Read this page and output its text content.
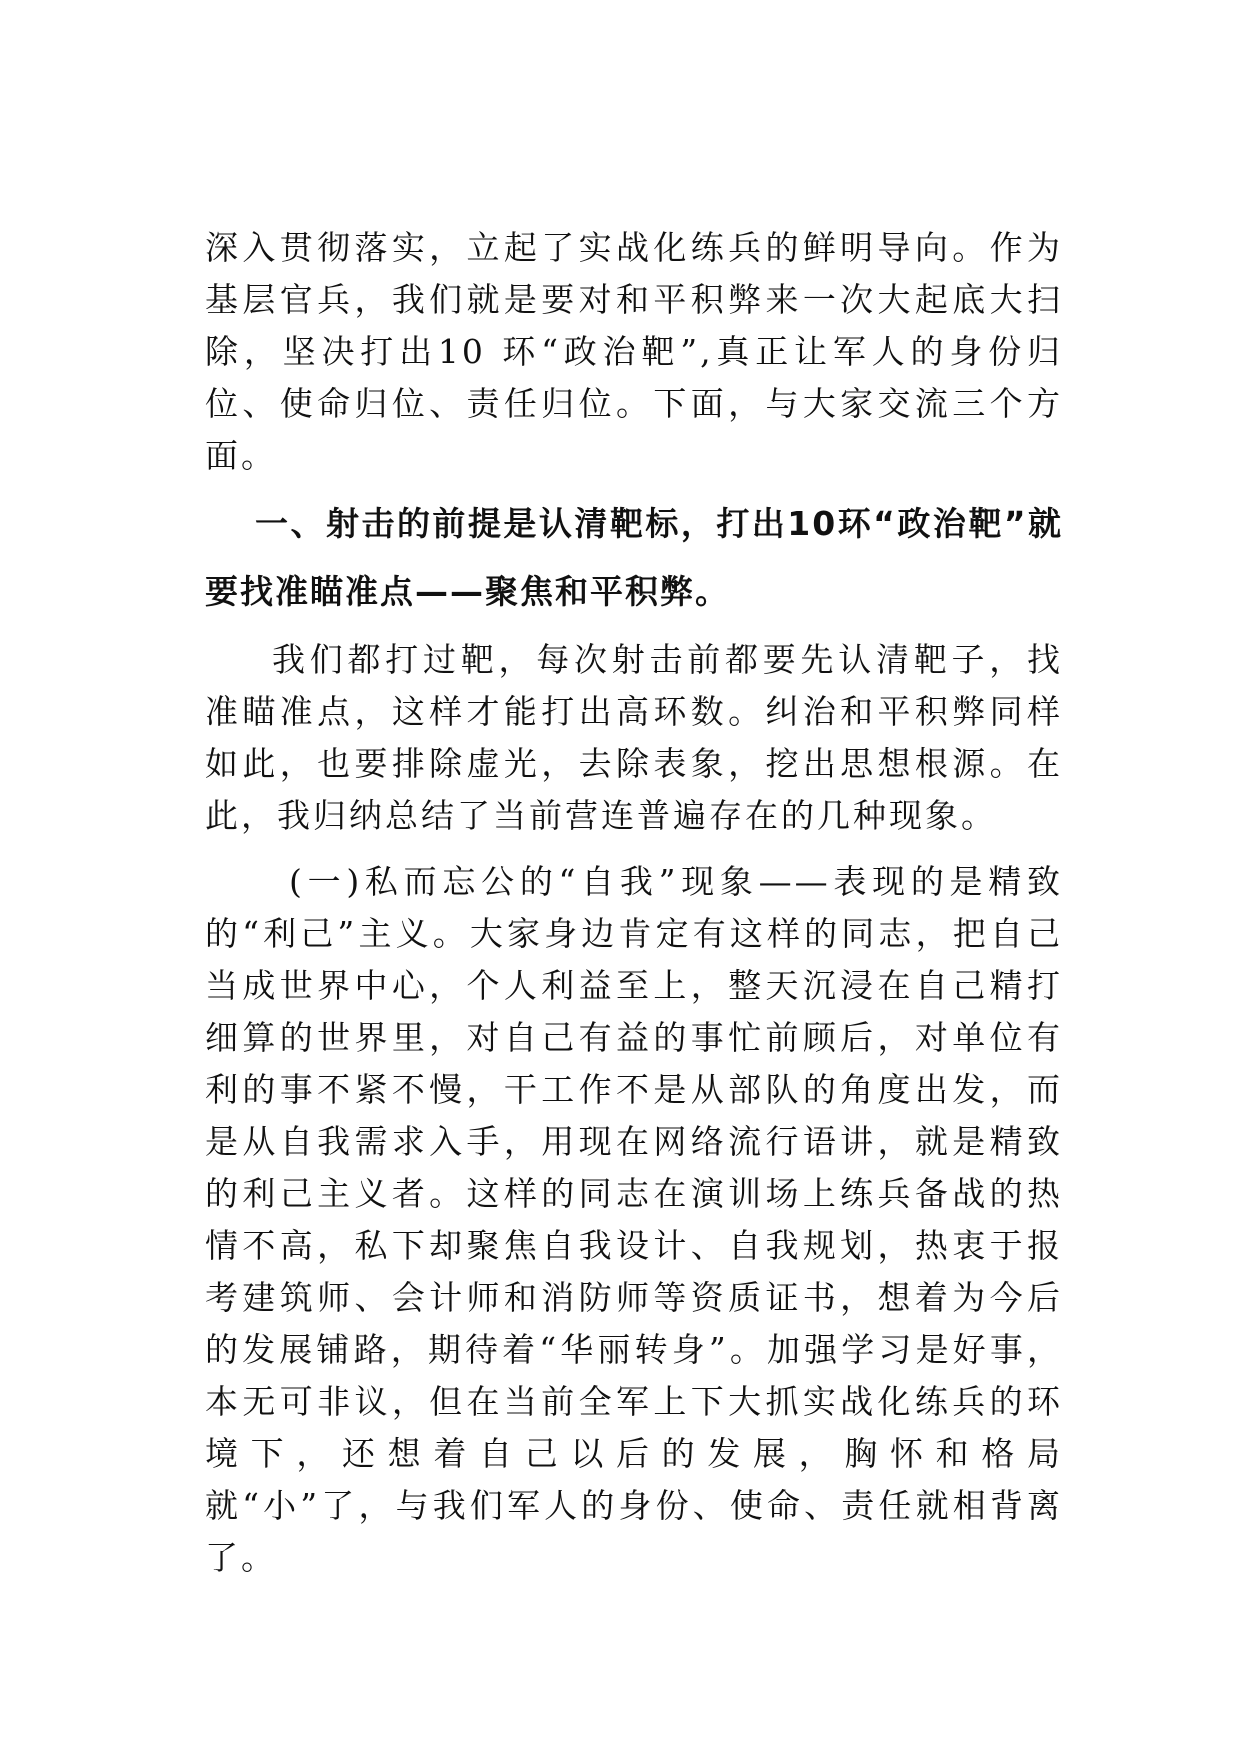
深入贯彻落实，立起了实战化练兵的鲜明导向。作为基层官兵，我们就是要对和平积弊来一次大起底大扫除，坚决打出10 环“政治靶”,真正让军人的身份归位、使命归位、责任归位。下面，与大家交流三个方面。

一、射击的前提是认清靶标，打出10环“政治靶”就要找准瞄准点——聚焦和平积弊。

我们都打过靶，每次射击前都要先认清靶子，找准瞄准点，这样才能打出高环数。纠治和平积弊同样如此，也要排除虚光，去除表象，挖出思想根源。在此，我归纳总结了当前营连普遍存在的几种现象。

(一)私而忘公的“自我”现象——表现的是精致的“利己”主义。大家身边肯定有这样的同志，把自己当成世界中心，个人利益至上，整天沉浸在自己精打细算的世界里，对自己有益的事忙前顾后，对单位有利的事不紧不慢，干工作不是从部队的角度出发，而是从自我需求入手，用现在网络流行语讲，就是精致的利己主义者。这样的同志在演训场上练兵备战的热情不高，私下却聚焦自我设计、自我规划，热衷于报考建筑师、会计师和消防师等资质证书，想着为今后的发展铺路，期待着“华丽转身”。加强学习是好事，本无可非议，但在当前全军上下大抓实战化练兵的环境下，还想着自己以后的发展，胸怀和格局就“小”了，与我们军人的身份、使命、责任就相背离了。
